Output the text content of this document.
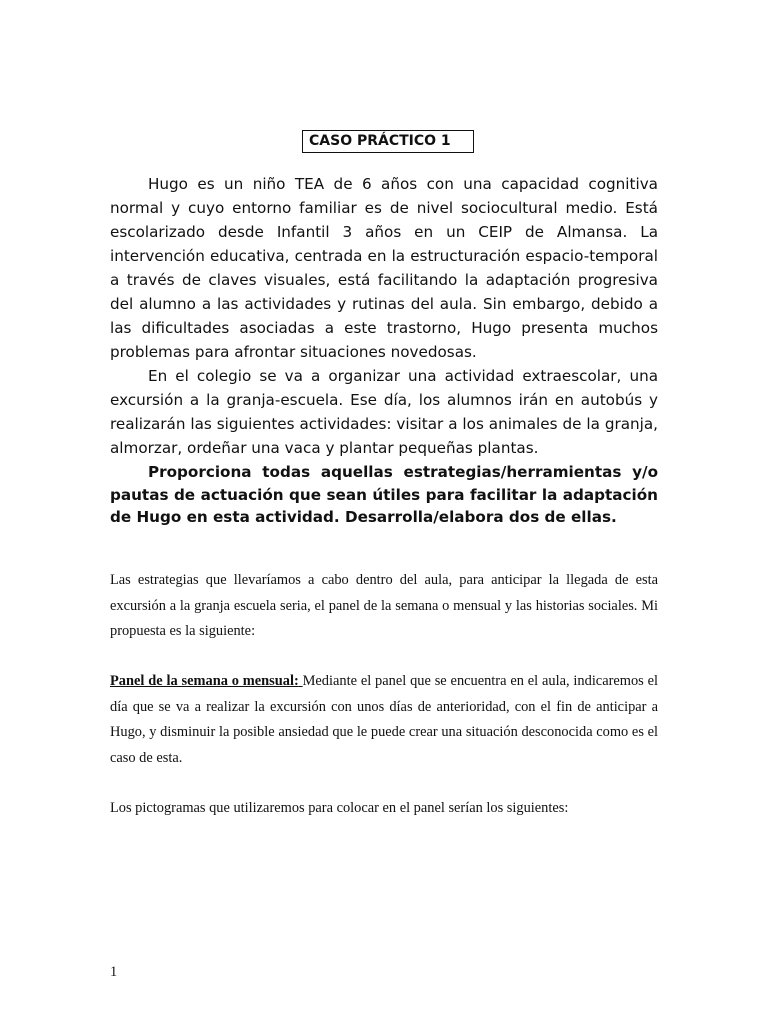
CASO PRÁCTICO 1

Hugo es un niño TEA de 6 años con una capacidad cognitiva normal y cuyo entorno familiar es de nivel sociocultural medio. Está escolarizado desde Infantil 3 años en un CEIP de Almansa. La intervención educativa, centrada en la estructuración espacio-temporal a través de claves visuales, está facilitando la adaptación progresiva del alumno a las actividades y rutinas del aula. Sin embargo, debido a las dificultades asociadas a este trastorno, Hugo presenta muchos problemas para afrontar situaciones novedosas.

En el colegio se va a organizar una actividad extraescolar, una excursión a la granja-escuela. Ese día, los alumnos irán en autobús y realizarán las siguientes actividades: visitar a los animales de la granja, almorzar, ordeñar una vaca y plantar pequeñas plantas.

Proporciona todas aquellas estrategias/herramientas y/o pautas de actuación que sean útiles para facilitar la adaptación de Hugo en esta actividad. Desarrolla/elabora dos de ellas.

Las estrategias que llevaríamos a cabo dentro del aula, para anticipar la llegada de esta excursión a la granja escuela seria, el panel de la semana o mensual y las historias sociales. Mi propuesta es la siguiente:

Panel de la semana o mensual: Mediante el panel que se encuentra en el aula, indicaremos el día que se va a realizar la excursión con unos días de anterioridad, con el fin de anticipar a Hugo, y disminuir la posible ansiedad que le puede crear una situación desconocida como es el caso de esta.

Los pictogramas que utilizaremos para colocar en el panel serían los siguientes:

1
